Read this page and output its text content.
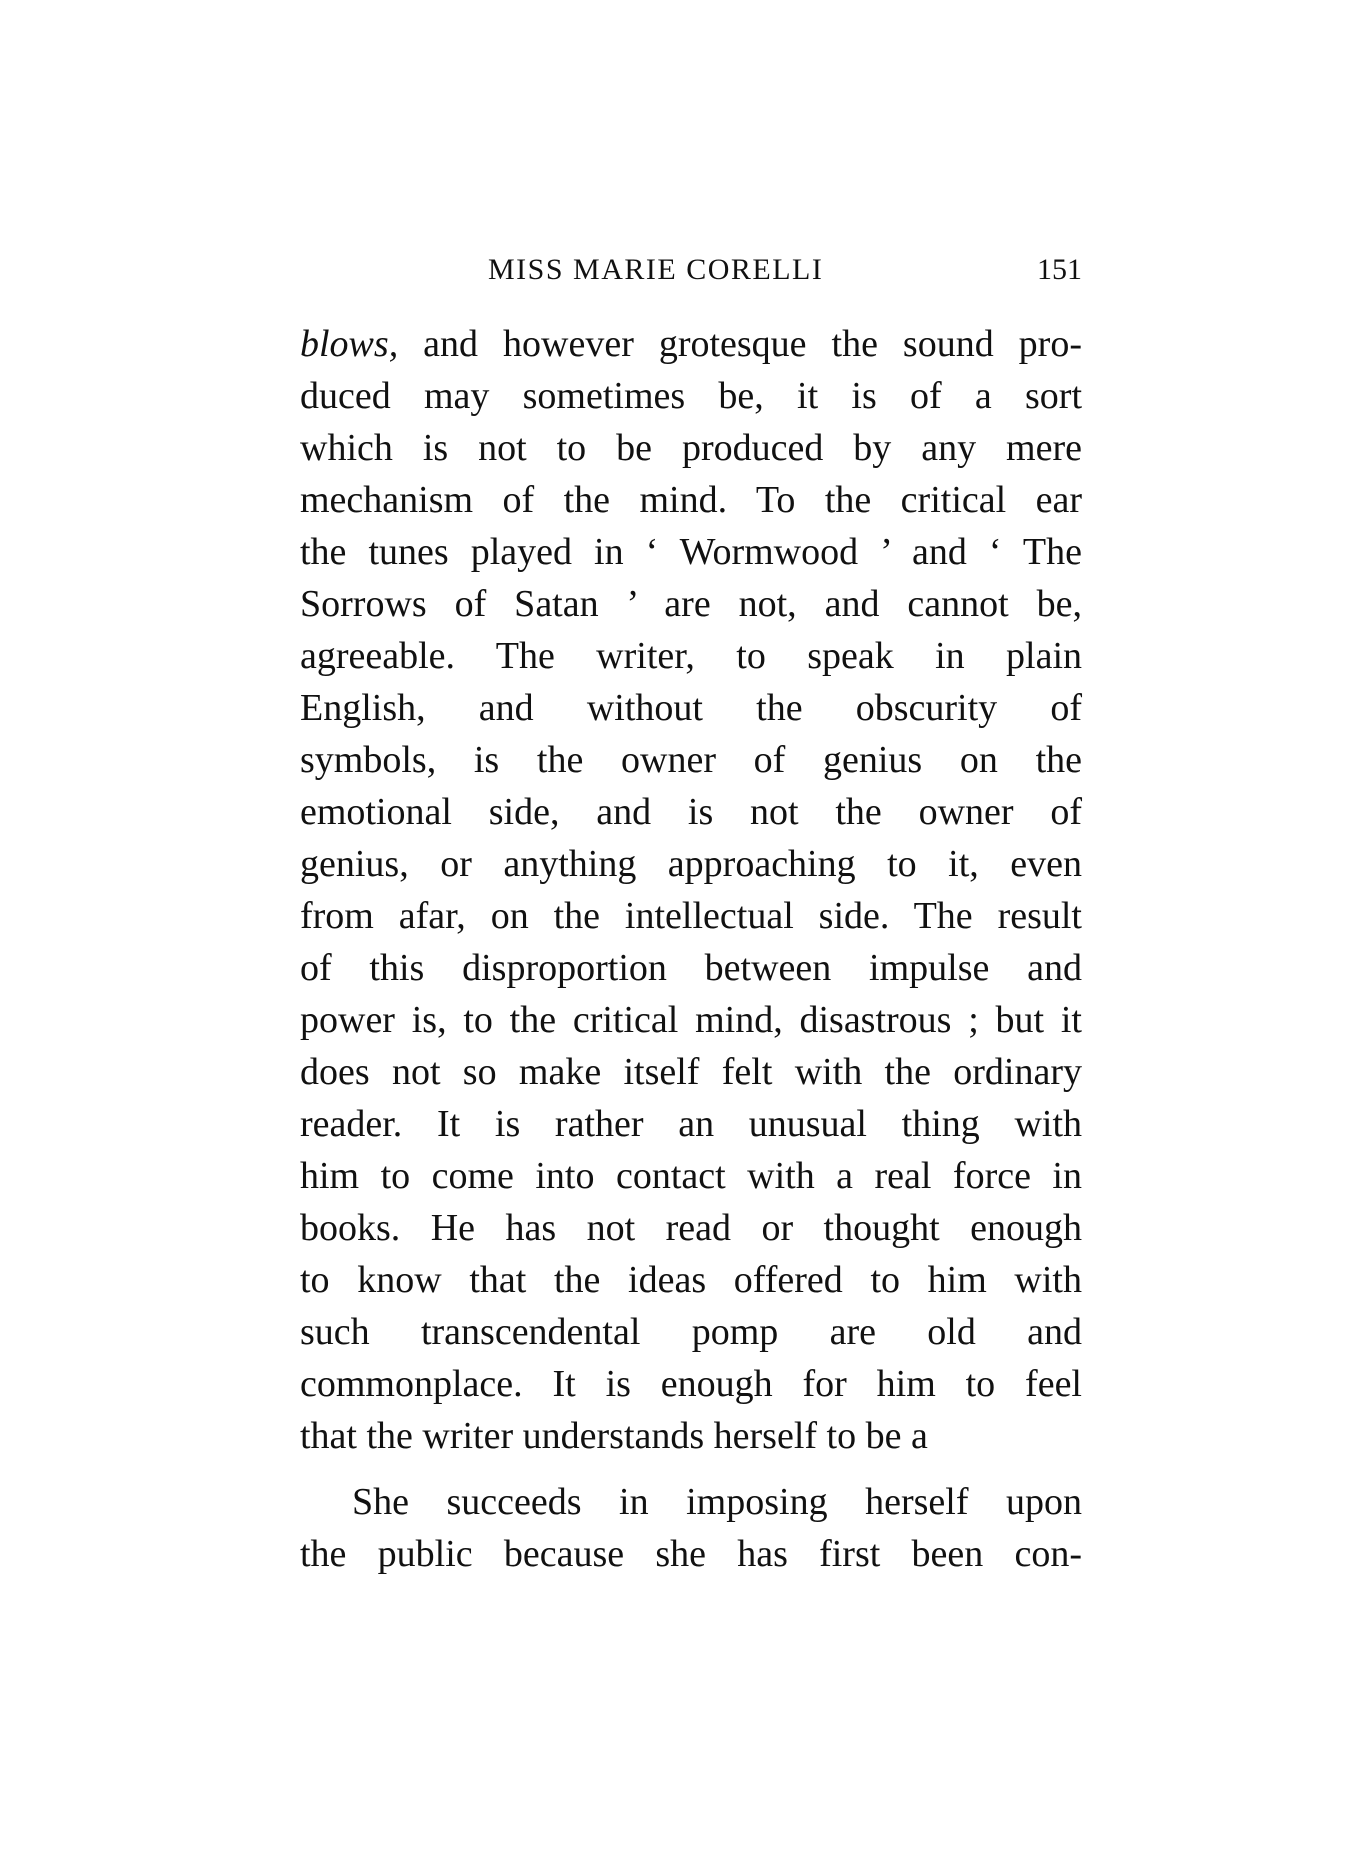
MISS MARIE CORELLI	151
blows, and however grotesque the sound pro-
duced may sometimes be, it is of a sort
which is not to be produced by any mere
mechanism of the mind. To the critical ear
the tunes played in ‘ Wormwood ’ and ‘ The
Sorrows of Satan ’ are not, and cannot be,
agreeable. The writer, to speak in plain
English, and without the obscurity of
symbols, is the owner of genius on the
emotional side, and is not the owner of
genius, or anything approaching to it, even
from afar, on the intellectual side. The result
of this disproportion between impulse and
power is, to the critical mind, disastrous ; but it
does not so make itself felt with the ordinary
reader. It is rather an unusual thing with
him to come into contact with a real force in
books. He has not read or thought enough
to know that the ideas offered to him with
such transcendental pomp are old and
commonplace. It is enough for him to feel
that the writer understands herself to be a
She succeeds in imposing herself upon
the public because she has first been con-
